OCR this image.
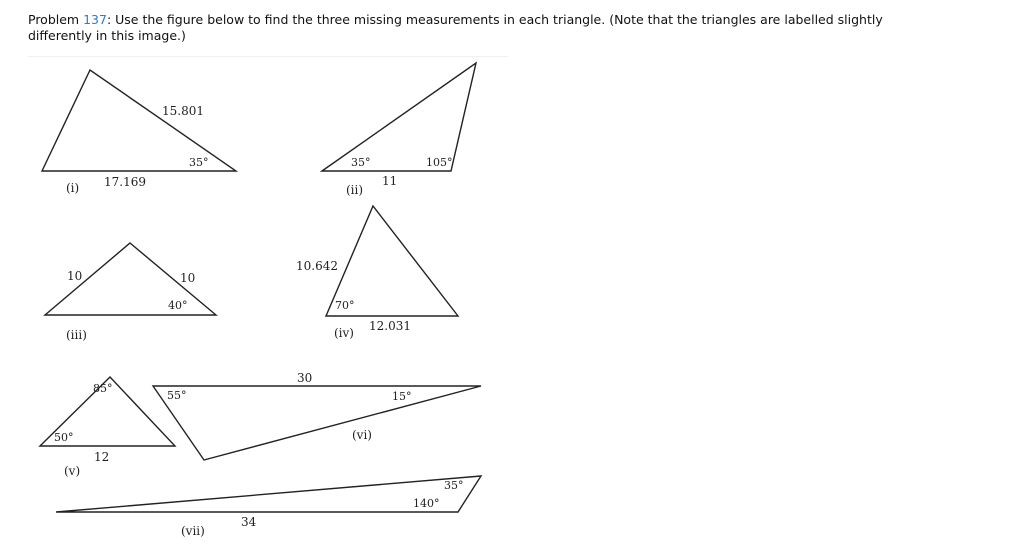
Problem 137: Use the figure below to find the three missing measurements in each triangle. (Note that the triangles are labelled slightly differently in this image.)
15.801
35°
17.169
(i)
35°	105°
11
(ii)
10	10
40°
(iii)
10.642
70°
12.031
(iv)
85°
50°
12
(v)
30
55°	15°
(vi)
35°
140°
34
(vii)
